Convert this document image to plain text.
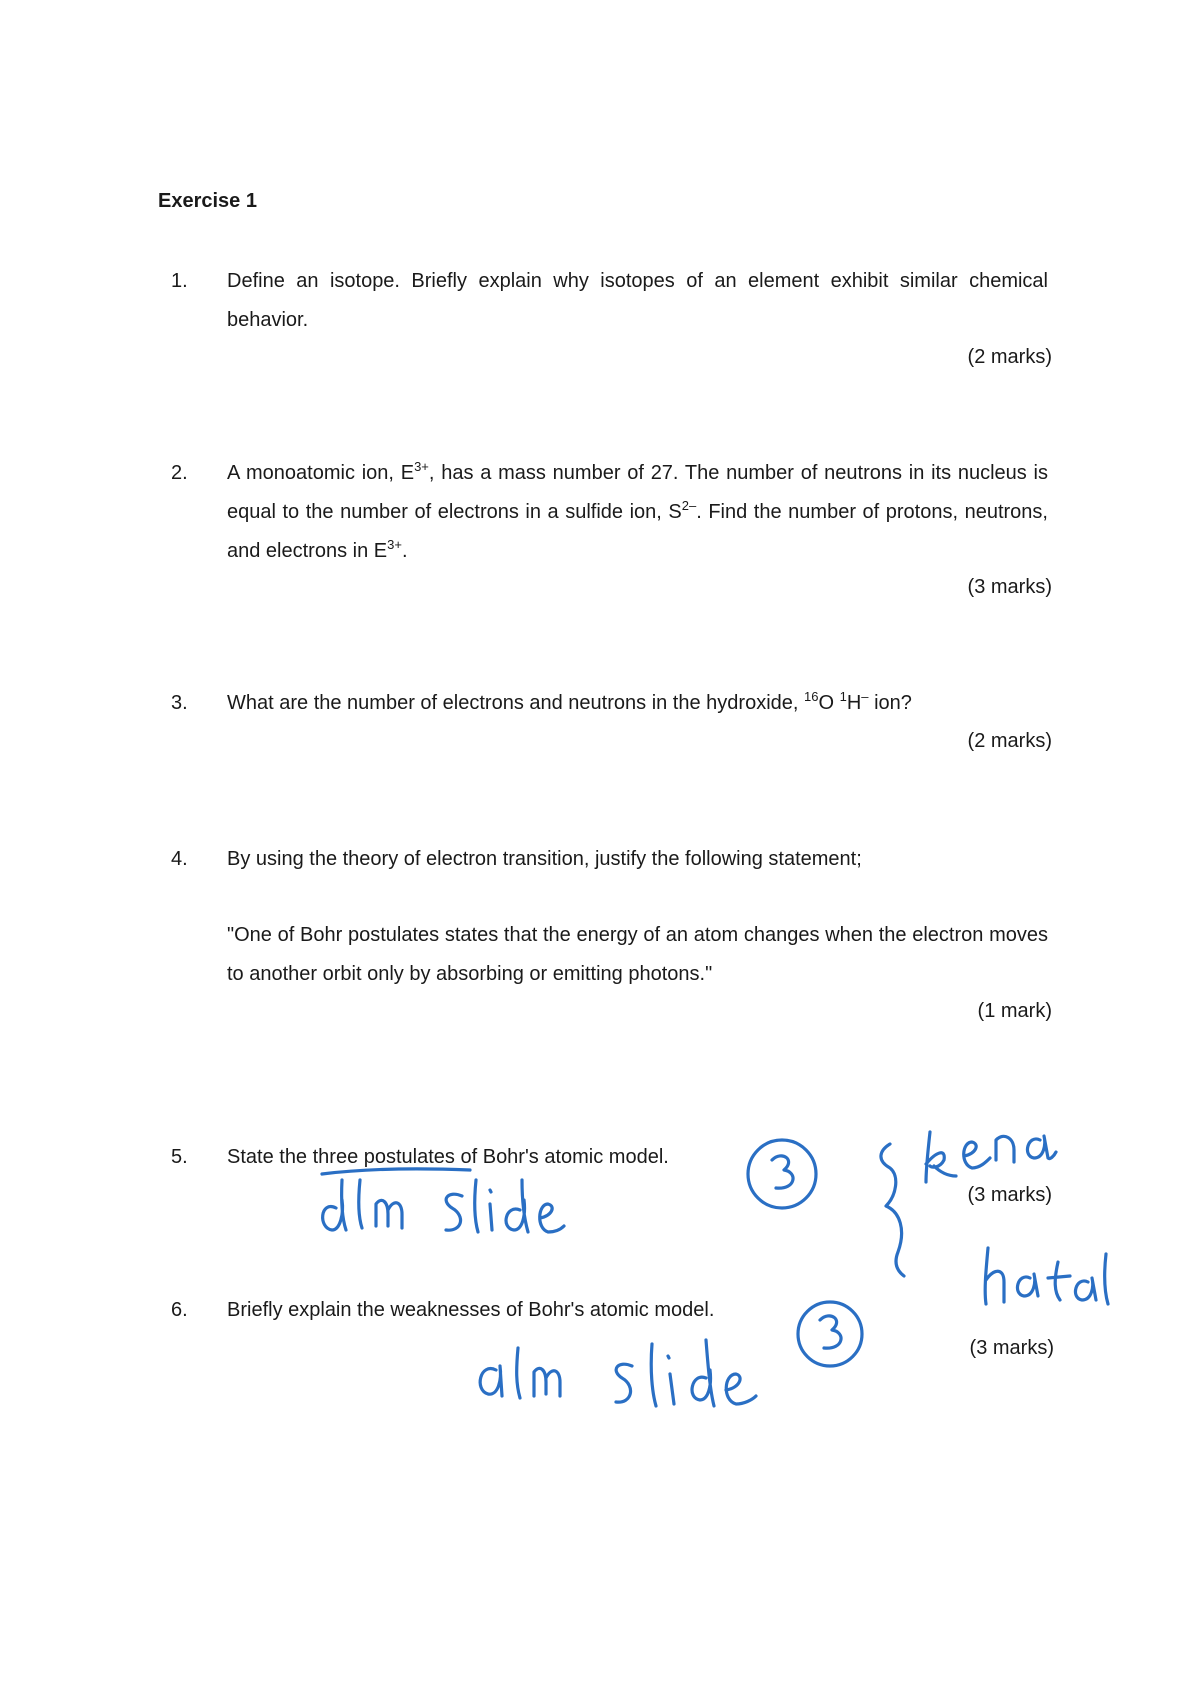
Exercise 1
1. Define an isotope. Briefly explain why isotopes of an element exhibit similar chemical behavior.
(2 marks)
2. A monoatomic ion, $E^{3+}$, has a mass number of 27. The number of neutrons in its nucleus is equal to the number of electrons in a sulfide ion, $S^{2-}$. Find the number of protons, neutrons, and electrons in $E^{3+}$.
(3 marks)
3. What are the number of electrons and neutrons in the hydroxide, $^{16}$O $^1$H– ion?
(2 marks)
4. By using the theory of electron transition, justify the following statement;
"One of Bohr postulates states that the energy of an atom changes when the electron moves to another orbit only by absorbing or emitting photons."
(1 mark)
5. State the three postulates of Bohr's atomic model.
(3 marks)
6. Briefly explain the weaknesses of Bohr's atomic model.
(3 marks)
